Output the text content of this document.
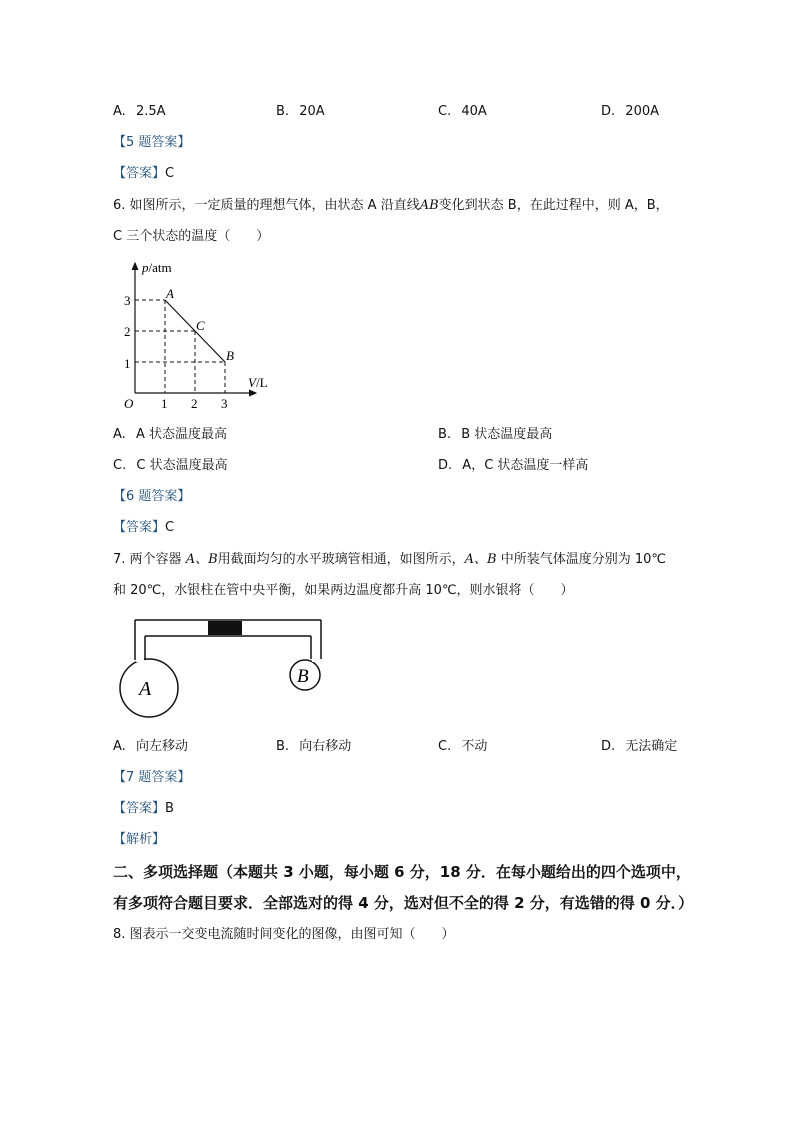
A. 2.5A	B. 20A	C. 40A	D. 200A
【5 题答案】
【答案】C
6. 如图所示，一定质量的理想气体，由状态 A 沿直线AB变化到状态 B，在此过程中，则 A，B，
C 三个状态的温度（　　）
p/atm
V/L
O 1 2 3
1
2
3	A
C
B
A. A 状态温度最高	B. B 状态温度最高
C. C 状态温度最高	D. A，C 状态温度一样高
【6 题答案】
【答案】C
7. 两个容器 A、B用截面均匀的水平玻璃管相通，如图所示，A、B 中所装气体温度分别为 10℃
和 20℃，水银柱在管中央平衡，如果两边温度都升高 10℃，则水银将（　　）
A
B
A. 向左移动	B. 向右移动	C. 不动	D. 无法确定
【7 题答案】
【答案】B
【解析】
二、多项选择题（本题共 3 小题，每小题 6 分，18 分．在每小题给出的四个选项中，
有多项符合题目要求．全部选对的得 4 分，选对但不全的得 2 分，有选错的得 0 分．）
8. 图表示一交变电流随时间变化的图像，由图可知（　　）
